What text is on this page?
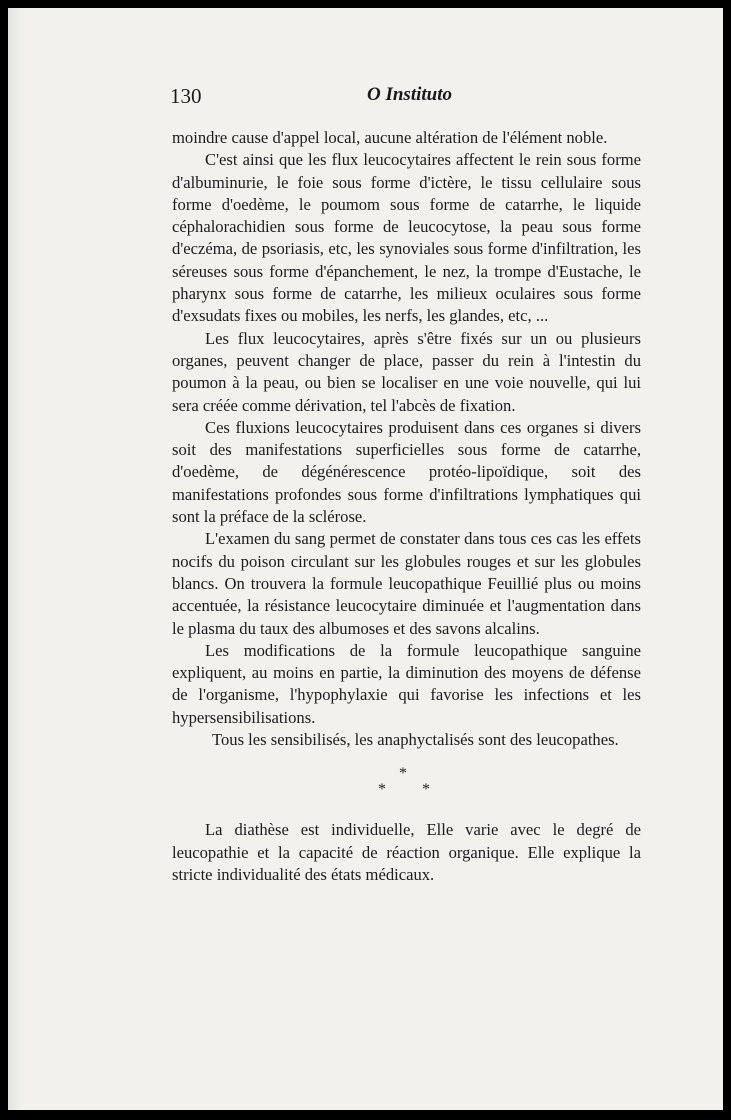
130	O Instituto

moindre cause d'appel local, aucune altération de l'élément noble.

C'est ainsi que les flux leucocytaires affectent le rein sous forme d'albuminurie, le foie sous forme d'ictère, le tissu cellulaire sous forme d'oedème, le poumom sous forme de catarrhe, le liquide céphalorachidien sous forme de leucocytose, la peau sous forme d'eczéma, de psoriasis, etc, les synoviales sous forme d'infiltration, les séreuses sous forme d'épanchement, le nez, la trompe d'Eustache, le pharynx sous forme de catarrhe, les milieux oculaires sous forme d'exsudats fixes ou mobiles, les nerfs, les glandes, etc, ...

Les flux leucocytaires, après s'être fixés sur un ou plusieurs organes, peuvent changer de place, passer du rein à l'intestin du poumon à la peau, ou bien se localiser en une voie nouvelle, qui lui sera créée comme dérivation, tel l'abcès de fixation.

Ces fluxions leucocytaires produisent dans ces organes si divers soit des manifestations superficielles sous forme de catarrhe, d'oedème, de dégénérescence protéo-lipoïdique, soit des manifestations profondes sous forme d'infiltrations lymphatiques qui sont la préface de la sclérose.

L'examen du sang permet de constater dans tous ces cas les effets nocifs du poison circulant sur les globules rouges et sur les globules blancs. On trouvera la formule leucopathique Feuillié plus ou moins accentuée, la résistance leucocytaire diminuée et l'augmentation dans le plasma du taux des albumoses et des savons alcalins.

Les modifications de la formule leucopathique sanguine expliquent, au moins en partie, la diminution des moyens de défense de l'organisme, l'hypophylaxie qui favorise les infections et les hypersensibilisations.

Tous les sensibilisés, les anaphyctalisés sont des leucopathes.

*
* *

La diathèse est individuelle, Elle varie avec le degré de leucopathie et la capacité de réaction organique. Elle explique la stricte individualité des états médicaux.
